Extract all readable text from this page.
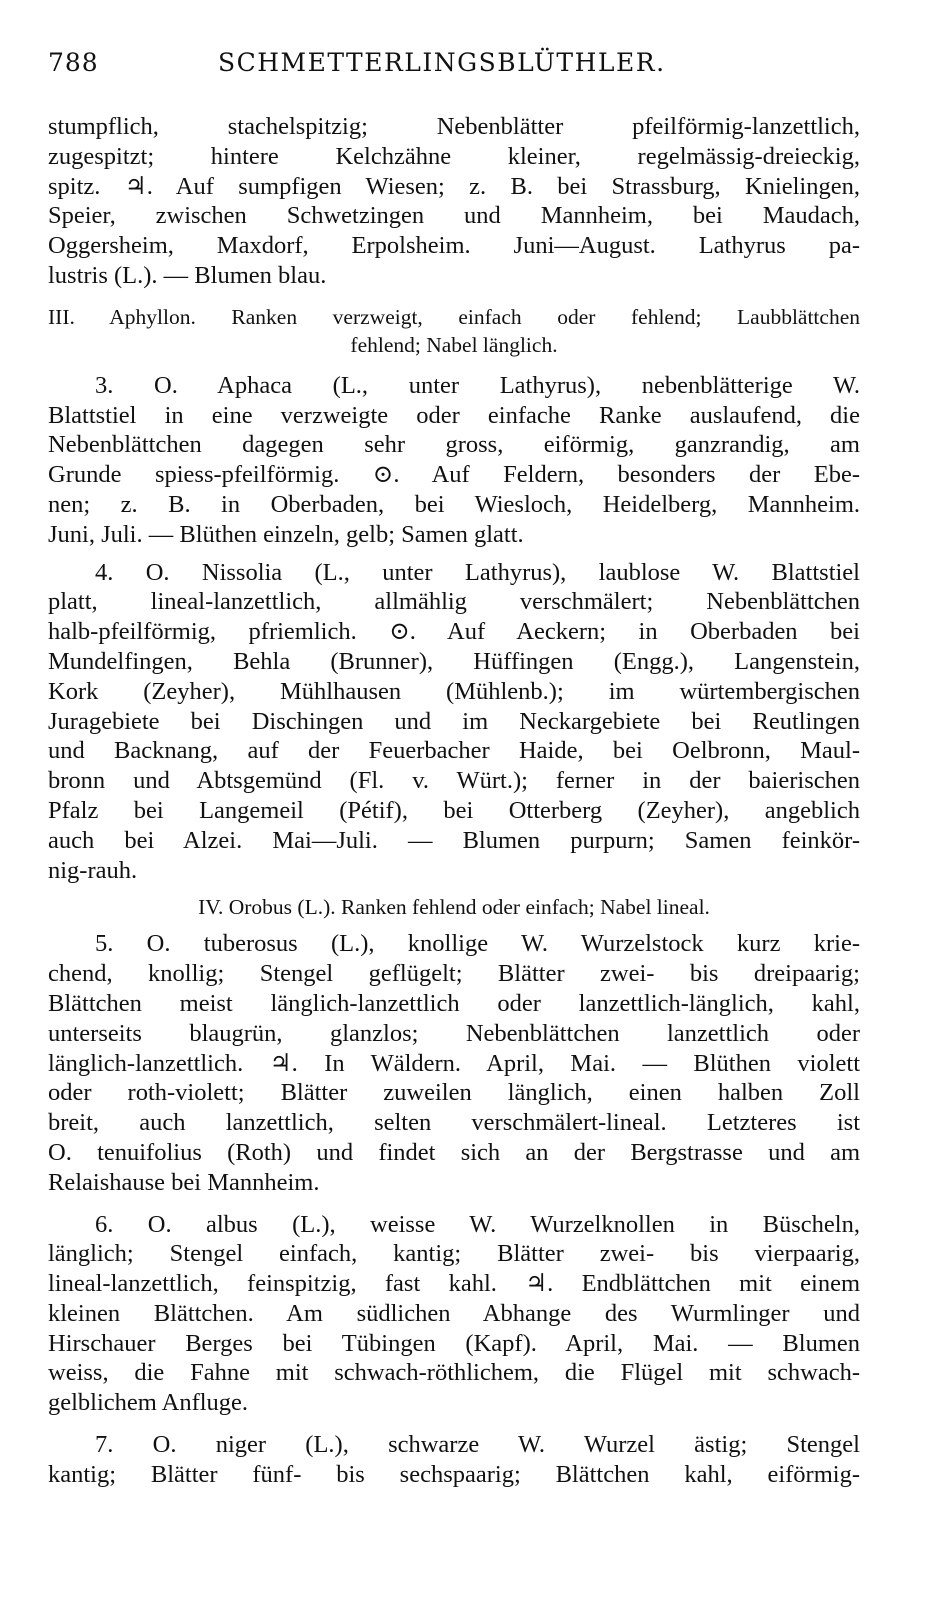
788	SCHMETTERLINGSBLÜTHLER.
stumpflich, stachelspitzig; Nebenblätter pfeilförmig-lanzettlich,
zugespitzt; hintere Kelchzähne kleiner, regelmässig-dreieckig,
spitz. ♃. Auf sumpfigen Wiesen; z. B. bei Strassburg, Knielingen,
Speier, zwischen Schwetzingen und Mannheim, bei Maudach,
Oggersheim, Maxdorf, Erpolsheim. Juni—August. Lathyrus pa-
lustris (L.). — Blumen blau.
III. Aphyllon. Ranken verzweigt, einfach oder fehlend; Laubblättchen
fehlend; Nabel länglich.
3. O. Aphaca (L., unter Lathyrus), nebenblätterige W.
Blattstiel in eine verzweigte oder einfache Ranke auslaufend, die
Nebenblättchen dagegen sehr gross, eiförmig, ganzrandig, am
Grunde spiess-pfeilförmig. ⊙. Auf Feldern, besonders der Ebe-
nen; z. B. in Oberbaden, bei Wiesloch, Heidelberg, Mannheim.
Juni, Juli. — Blüthen einzeln, gelb; Samen glatt.
4. O. Nissolia (L., unter Lathyrus), laublose W. Blattstiel
platt, lineal-lanzettlich, allmählig verschmälert; Nebenblättchen
halb-pfeilförmig, pfriemlich. ⊙. Auf Aeckern; in Oberbaden bei
Mundelfingen, Behla (Brunner), Hüffingen (Engg.), Langenstein,
Kork (Zeyher), Mühlhausen (Mühlenb.); im würtembergischen
Juragebiete bei Dischingen und im Neckargebiete bei Reutlingen
und Backnang, auf der Feuerbacher Haide, bei Oelbronn, Maul-
bronn und Abtsgemünd (Fl. v. Würt.); ferner in der baierischen
Pfalz bei Langemeil (Pétif), bei Otterberg (Zeyher), angeblich
auch bei Alzei. Mai—Juli. — Blumen purpurn; Samen feinkör-
nig-rauh.
IV. Orobus (L.). Ranken fehlend oder einfach; Nabel lineal.
5. O. tuberosus (L.), knollige W. Wurzelstock kurz krie-
chend, knollig; Stengel geflügelt; Blätter zwei- bis dreipaarig;
Blättchen meist länglich-lanzettlich oder lanzettlich-länglich, kahl,
unterseits blaugrün, glanzlos; Nebenblättchen lanzettlich oder
länglich-lanzettlich. ♃. In Wäldern. April, Mai. — Blüthen violett
oder roth-violett; Blätter zuweilen länglich, einen halben Zoll
breit, auch lanzettlich, selten verschmälert-lineal. Letzteres ist
O. tenuifolius (Roth) und findet sich an der Bergstrasse und am
Relaishause bei Mannheim.
6. O. albus (L.), weisse W. Wurzelknollen in Büscheln,
länglich; Stengel einfach, kantig; Blätter zwei- bis vierpaarig,
lineal-lanzettlich, feinspitzig, fast kahl. ♃. Endblättchen mit einem
kleinen Blättchen. Am südlichen Abhange des Wurmlinger und
Hirschauer Berges bei Tübingen (Kapf). April, Mai. — Blumen
weiss, die Fahne mit schwach-röthlichem, die Flügel mit schwach-
gelblichem Anfluge.
7. O. niger (L.), schwarze W. Wurzel ästig; Stengel
kantig; Blätter fünf- bis sechspaarig; Blättchen kahl, eiförmig-
